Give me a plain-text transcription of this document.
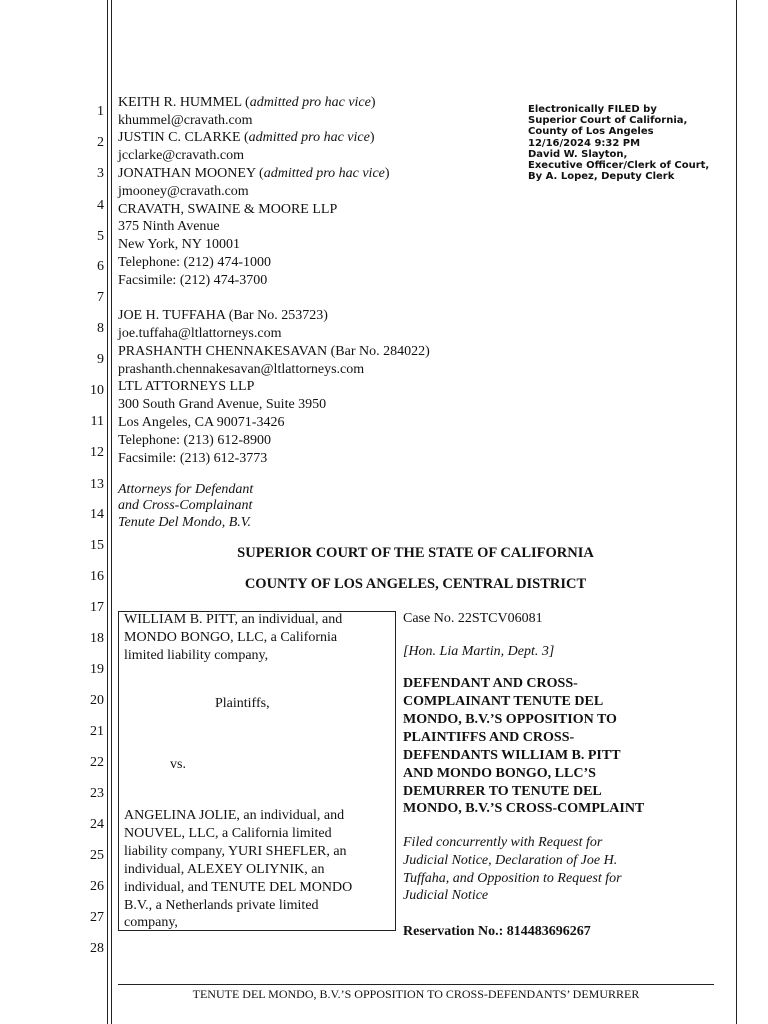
1
2
3
4
5
6
7
8
9
10
11
12
13
14
15
16
17
18
19
20
21
22
23
24
25
26
27
28
KEITH R. HUMMEL (admitted pro hac vice)
khummel@cravath.com
JUSTIN C. CLARKE (admitted pro hac vice)
jcclarke@cravath.com
JONATHAN MOONEY (admitted pro hac vice)
jmooney@cravath.com
CRAVATH, SWAINE & MOORE LLP
375 Ninth Avenue
New York, NY 10001
Telephone: (212) 474-1000
Facsimile: (212) 474-3700
JOE H. TUFFAHA (Bar No. 253723)
joe.tuffaha@ltlattorneys.com
PRASHANTH CHENNAKESAVAN (Bar No. 284022)
prashanth.chennakesavan@ltlattorneys.com
LTL ATTORNEYS LLP
300 South Grand Avenue, Suite 3950
Los Angeles, CA 90071-3426
Telephone: (213) 612-8900
Facsimile: (213) 612-3773
Attorneys for Defendant
and Cross-Complainant
Tenute Del Mondo, B.V.
Electronically FILED by
Superior Court of California,
County of Los Angeles
12/16/2024 9:32 PM
David W. Slayton,
Executive Officer/Clerk of Court,
By A. Lopez, Deputy Clerk
SUPERIOR COURT OF THE STATE OF CALIFORNIA
COUNTY OF LOS ANGELES, CENTRAL DISTRICT
WILLIAM B. PITT, an individual, and
MONDO BONGO, LLC, a California
limited liability company,
Plaintiffs,
vs.
ANGELINA JOLIE, an individual, and
NOUVEL, LLC, a California limited
liability company, YURI SHEFLER, an
individual, ALEXEY OLIYNIK, an
individual, and TENUTE DEL MONDO
B.V., a Netherlands private limited
company,
Case No. 22STCV06081
[Hon. Lia Martin, Dept. 3]
DEFENDANT AND CROSS-
COMPLAINANT TENUTE DEL
MONDO, B.V.’S OPPOSITION TO
PLAINTIFFS AND CROSS-
DEFENDANTS WILLIAM B. PITT
AND MONDO BONGO, LLC’S
DEMURRER TO TENUTE DEL
MONDO, B.V.’S CROSS-COMPLAINT
Filed concurrently with Request for
Judicial Notice, Declaration of Joe H.
Tuffaha, and Opposition to Request for
Judicial Notice
Reservation No.: 814483696267
TENUTE DEL MONDO, B.V.’S OPPOSITION TO CROSS-DEFENDANTS’ DEMURRER
